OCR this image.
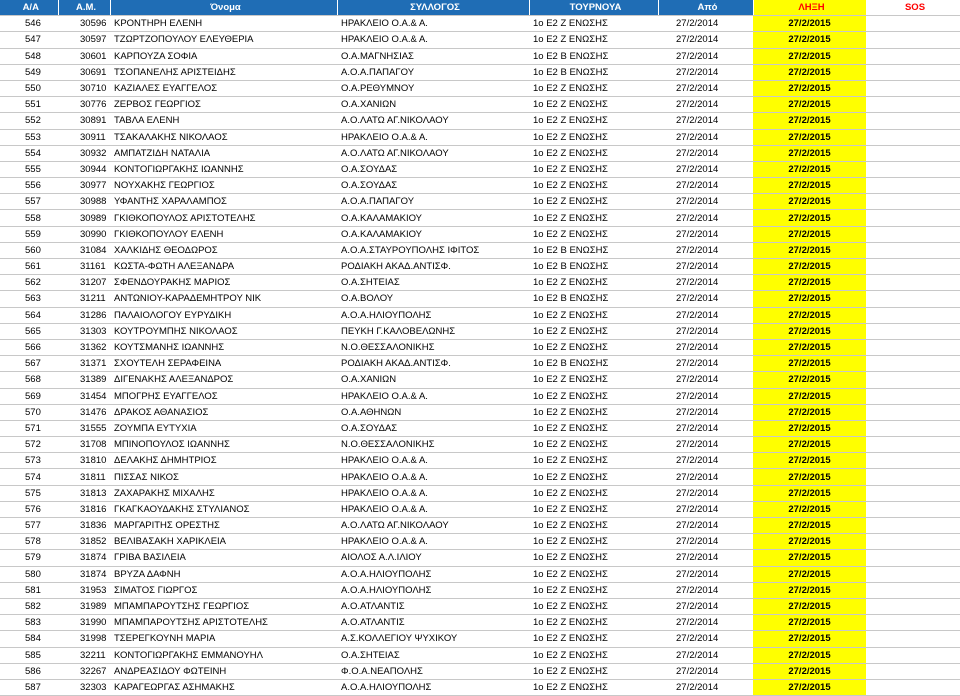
Α/Α	Α.Μ.	Όνομα	ΣΥΛΛΟΓΟΣ	ΤΟΥΡΝΟΥΑ	Από	ΛΗΞΗ	SOS
546	30596	ΚΡΟΝΤΗΡΗ ΕΛΕΝΗ	ΗΡΑΚΛΕΙΟ Ο.Α.& Α.	1ο Ε2 Ζ ΕΝΩΣΗΣ	27/2/2014	27/2/2015	
547	30597	ΤΖΩΡΤΖΟΠΟΥΛΟΥ ΕΛΕΥΘΕΡΙΑ	ΗΡΑΚΛΕΙΟ Ο.Α.& Α.	1ο Ε2 Ζ ΕΝΩΣΗΣ	27/2/2014	27/2/2015	
548	30601	ΚΑΡΠΟΥΖΑ ΣΟΦΙΑ	Ο.Α.ΜΑΓΝΗΣΙΑΣ	1ο Ε2 Β ΕΝΩΣΗΣ	27/2/2014	27/2/2015	
549	30691	ΤΣΟΠΑΝΕΛΗΣ ΑΡΙΣΤΕΙΔΗΣ	Α.Ο.Α.ΠΑΠΑΓΟΥ	1ο Ε2 Β ΕΝΩΣΗΣ	27/2/2014	27/2/2015	
550	30710	ΚΑΖΙΑΛΕΣ ΕΥΑΓΓΕΛΟΣ	Ο.Α.ΡΕΘΥΜΝΟΥ	1ο Ε2 Ζ ΕΝΩΣΗΣ	27/2/2014	27/2/2015	
551	30776	ΖΕΡΒΟΣ ΓΕΩΡΓΙΟΣ	Ο.Α.ΧΑΝΙΩΝ	1ο Ε2 Ζ ΕΝΩΣΗΣ	27/2/2014	27/2/2015	
552	30891	ΤΑΒΛΑ ΕΛΕΝΗ	Α.Ο.ΛΑΤΩ ΑΓ.ΝΙΚΟΛΑΟΥ	1ο Ε2 Ζ ΕΝΩΣΗΣ	27/2/2014	27/2/2015	
553	30911	ΤΣΑΚΑΛΑΚΗΣ ΝΙΚΟΛΑΟΣ	ΗΡΑΚΛΕΙΟ Ο.Α.& Α.	1ο Ε2 Ζ ΕΝΩΣΗΣ	27/2/2014	27/2/2015	
554	30932	ΑΜΠΑΤΖΙΔΗ ΝΑΤΑΛΙΑ	Α.Ο.ΛΑΤΩ ΑΓ.ΝΙΚΟΛΑΟΥ	1ο Ε2 Ζ ΕΝΩΣΗΣ	27/2/2014	27/2/2015	
555	30944	ΚΟΝΤΟΓΙΩΡΓΑΚΗΣ ΙΩΑΝΝΗΣ	Ο.Α.ΣΟΥΔΑΣ	1ο Ε2 Ζ ΕΝΩΣΗΣ	27/2/2014	27/2/2015	
556	30977	ΝΟΥΧΑΚΗΣ ΓΕΩΡΓΙΟΣ	Ο.Α.ΣΟΥΔΑΣ	1ο Ε2 Ζ ΕΝΩΣΗΣ	27/2/2014	27/2/2015	
557	30988	ΥΦΑΝΤΗΣ ΧΑΡΑΛΑΜΠΟΣ	Α.Ο.Α.ΠΑΠΑΓΟΥ	1ο Ε2 Ζ ΕΝΩΣΗΣ	27/2/2014	27/2/2015	
558	30989	ΓΚΙΘΚΟΠΟΥΛΟΣ ΑΡΙΣΤΟΤΕΛΗΣ	Ο.Α.ΚΑΛΑΜΑΚΙΟΥ	1ο Ε2 Ζ ΕΝΩΣΗΣ	27/2/2014	27/2/2015	
559	30990	ΓΚΙΘΚΟΠΟΥΛΟΥ ΕΛΕΝΗ	Ο.Α.ΚΑΛΑΜΑΚΙΟΥ	1ο Ε2 Ζ ΕΝΩΣΗΣ	27/2/2014	27/2/2015	
560	31084	ΧΑΛΚΙΔΗΣ ΘΕΟΔΩΡΟΣ	Α.Ο.Α.ΣΤΑΥΡΟΥΠΟΛΗΣ ΙΦΙΤΟΣ	1ο Ε2 Β ΕΝΩΣΗΣ	27/2/2014	27/2/2015	
561	31161	ΚΩΣΤΑ-ΦΩΤΗ ΑΛΕΞΑΝΔΡΑ	ΡΟΔΙΑΚΗ ΑΚΑΔ.ΑΝΤΙΣΦ.	1ο Ε2 Β ΕΝΩΣΗΣ	27/2/2014	27/2/2015	
562	31207	ΣΦΕΝΔΟΥΡΑΚΗΣ ΜΑΡΙΟΣ	Ο.Α.ΣΗΤΕΙΑΣ	1ο Ε2 Ζ ΕΝΩΣΗΣ	27/2/2014	27/2/2015	
563	31211	ΑΝΤΩΝΙΟΥ-ΚΑΡΑΔΕΜΗΤΡΟΥ ΝΙΚ	Ο.Α.ΒΟΛΟΥ	1ο Ε2 Β ΕΝΩΣΗΣ	27/2/2014	27/2/2015	
564	31286	ΠΑΛΑΙΟΛΟΓΟΥ ΕΥΡΥΔΙΚΗ	Α.Ο.Α.ΗΛΙΟΥΠΟΛΗΣ	1ο Ε2 Ζ ΕΝΩΣΗΣ	27/2/2014	27/2/2015	
565	31303	ΚΟΥΤΡΟΥΜΠΗΣ ΝΙΚΟΛΑΟΣ	ΠΕΥΚΗ Γ.ΚΑΛΟΒΕΛΩΝΗΣ	1ο Ε2 Ζ ΕΝΩΣΗΣ	27/2/2014	27/2/2015	
566	31362	ΚΟΥΤΣΜΑΝΗΣ ΙΩΑΝΝΗΣ	Ν.Ο.ΘΕΣΣΑΛΟΝΙΚΗΣ	1ο Ε2 Ζ ΕΝΩΣΗΣ	27/2/2014	27/2/2015	
567	31371	ΣΧΟΥΤΕΛΗ ΣΕΡΑΦΕΙΝΑ	ΡΟΔΙΑΚΗ ΑΚΑΔ.ΑΝΤΙΣΦ.	1ο Ε2 Β ΕΝΩΣΗΣ	27/2/2014	27/2/2015	
568	31389	ΔΙΓΕΝΑΚΗΣ ΑΛΕΞΑΝΔΡΟΣ	Ο.Α.ΧΑΝΙΩΝ	1ο Ε2 Ζ ΕΝΩΣΗΣ	27/2/2014	27/2/2015	
569	31454	ΜΠΟΓΡΗΣ ΕΥΑΓΓΕΛΟΣ	ΗΡΑΚΛΕΙΟ Ο.Α.& Α.	1ο Ε2 Ζ ΕΝΩΣΗΣ	27/2/2014	27/2/2015	
570	31476	ΔΡΑΚΟΣ ΑΘΑΝΑΣΙΟΣ	Ο.Α.ΑΘΗΝΩΝ	1ο Ε2 Ζ ΕΝΩΣΗΣ	27/2/2014	27/2/2015	
571	31555	ΖΟΥΜΠΑ ΕΥΤΥΧΙΑ	Ο.Α.ΣΟΥΔΑΣ	1ο Ε2 Ζ ΕΝΩΣΗΣ	27/2/2014	27/2/2015	
572	31708	ΜΠΙΝΟΠΟΥΛΟΣ ΙΩΑΝΝΗΣ	Ν.Ο.ΘΕΣΣΑΛΟΝΙΚΗΣ	1ο Ε2 Ζ ΕΝΩΣΗΣ	27/2/2014	27/2/2015	
573	31810	ΔΕΛΑΚΗΣ ΔΗΜΗΤΡΙΟΣ	ΗΡΑΚΛΕΙΟ Ο.Α.& Α.	1ο Ε2 Ζ ΕΝΩΣΗΣ	27/2/2014	27/2/2015	
574	31811	ΠΙΣΣΑΣ ΝΙΚΟΣ	ΗΡΑΚΛΕΙΟ Ο.Α.& Α.	1ο Ε2 Ζ ΕΝΩΣΗΣ	27/2/2014	27/2/2015	
575	31813	ΖΑΧΑΡΑΚΗΣ ΜΙΧΑΛΗΣ	ΗΡΑΚΛΕΙΟ Ο.Α.& Α.	1ο Ε2 Ζ ΕΝΩΣΗΣ	27/2/2014	27/2/2015	
576	31816	ΓΚΑΓΚΑΟΥΔΑΚΗΣ ΣΤΥΛΙΑΝΟΣ	ΗΡΑΚΛΕΙΟ Ο.Α.& Α.	1ο Ε2 Ζ ΕΝΩΣΗΣ	27/2/2014	27/2/2015	
577	31836	ΜΑΡΓΑΡΙΤΗΣ ΟΡΕΣΤΗΣ	Α.Ο.ΛΑΤΩ ΑΓ.ΝΙΚΟΛΑΟΥ	1ο Ε2 Ζ ΕΝΩΣΗΣ	27/2/2014	27/2/2015	
578	31852	ΒΕΛΙΒΑΣΑΚΗ ΧΑΡΙΚΛΕΙΑ	ΗΡΑΚΛΕΙΟ Ο.Α.& Α.	1ο Ε2 Ζ ΕΝΩΣΗΣ	27/2/2014	27/2/2015	
579	31874	ΓΡΙΒΑ ΒΑΣΙΛΕΙΑ	ΑΙΟΛΟΣ Α.Λ.ΙΛΙΟΥ	1ο Ε2 Ζ ΕΝΩΣΗΣ	27/2/2014	27/2/2015	
580	31874	ΒΡΥΖΑ ΔΑΦΝΗ	Α.Ο.Α.ΗΛΙΟΥΠΟΛΗΣ	1ο Ε2 Ζ ΕΝΩΣΗΣ	27/2/2014	27/2/2015	
581	31953	ΣΙΜΑΤΟΣ ΓΙΩΡΓΟΣ	Α.Ο.Α.ΗΛΙΟΥΠΟΛΗΣ	1ο Ε2 Ζ ΕΝΩΣΗΣ	27/2/2014	27/2/2015	
582	31989	ΜΠΑΜΠΑΡΟΥΤΣΗΣ ΓΕΩΡΓΙΟΣ	Α.Ο.ΑΤΛΑΝΤΙΣ	1ο Ε2 Ζ ΕΝΩΣΗΣ	27/2/2014	27/2/2015	
583	31990	ΜΠΑΜΠΑΡΟΥΤΣΗΣ ΑΡΙΣΤΟΤΕΛΗΣ	Α.Ο.ΑΤΛΑΝΤΙΣ	1ο Ε2 Ζ ΕΝΩΣΗΣ	27/2/2014	27/2/2015	
584	31998	ΤΣΕΡΕΓΚΟΥΝΗ ΜΑΡΙΑ	Α.Σ.ΚΟΛΛΕΓΙΟΥ ΨΥΧΙΚΟΥ	1ο Ε2 Ζ ΕΝΩΣΗΣ	27/2/2014	27/2/2015	
585	32211	ΚΟΝΤΟΓΙΩΡΓΑΚΗΣ ΕΜΜΑΝΟΥΗΛ	Ο.Α.ΣΗΤΕΙΑΣ	1ο Ε2 Ζ ΕΝΩΣΗΣ	27/2/2014	27/2/2015	
586	32267	ΑΝΔΡΕΑΣΙΔΟΥ ΦΩΤΕΙΝΗ	Φ.Ο.Α.ΝΕΑΠΟΛΗΣ	1ο Ε2 Ζ ΕΝΩΣΗΣ	27/2/2014	27/2/2015	
587	32303	ΚΑΡΑΓΕΩΡΓΑΣ ΑΣΗΜΑΚΗΣ	Α.Ο.Α.ΗΛΙΟΥΠΟΛΗΣ	1ο Ε2 Ζ ΕΝΩΣΗΣ	27/2/2014	27/2/2015	
